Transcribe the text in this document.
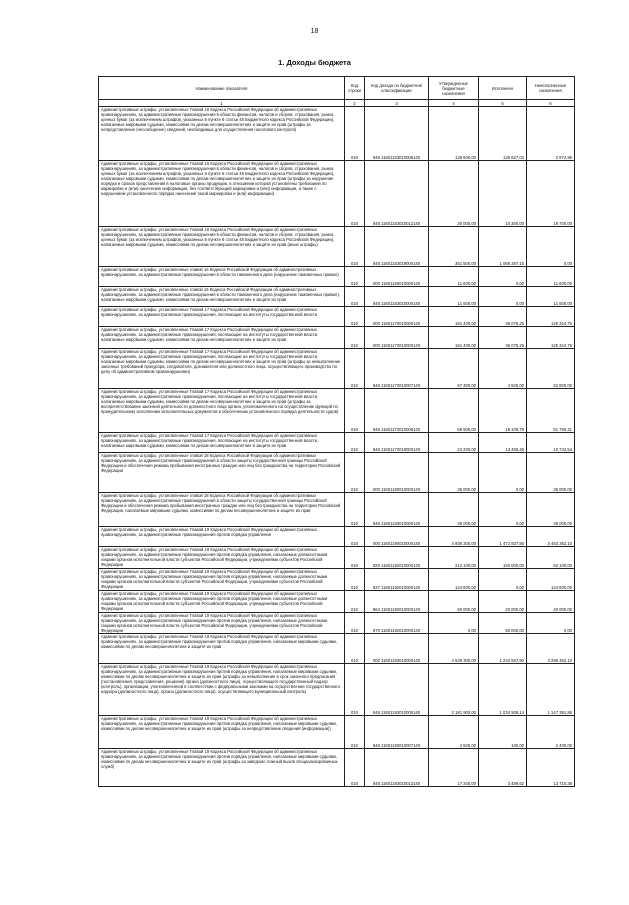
18
1. Доходы бюджета
Наименование показателя	Код строки	Код дохода по бюджетной классификации	Утвержденные бюджетные назначения	Исполнено	Неисполненные назначения
1	2	3	4	5	6
Административные штрафы, установленные Главой 15 Кодекса Российской Федерации об административных правонарушениях, за административные правонарушения в области финансов, налогов и сборов, страхования, рынка ценных бумаг (за исключением штрафов, указанных в пункте 6 статьи 46 Бюджетного кодекса Российской Федерации), налагаемые мировыми судьями, комиссиями по делам несовершеннолетних и защите их прав (штрафы за непредставление (несообщение) сведений, необходимых для осуществления налогового контроля)	010	846 11601153010006140	128 600,00	125 627,04	2 972,96
Административные штрафы, установленные Главой 15 Кодекса Российской Федерации об административных правонарушениях, за административные правонарушения в области финансов, налогов и сборов, страхования, рынка ценных бумаг (за исключением штрафов, указанных в пункте 6 статьи 46 Бюджетного кодекса Российской Федерации), налагаемые мировыми судьями, комиссиями по делам несовершеннолетних и защите их прав (штрафы за нарушение порядка и сроков представления в налоговые органы продукции, в отношении которой установлены требования по маркировке и (или) нанесению информации, без соответствующей маркировки и (или) информации, а также с нарушением установленного порядка нанесения такой маркировки и (или) информации)	010	846 11601153010012140	30 000,00	10 300,00	19 700,00
Административные штрафы, установленные Главой 15 Кодекса Российской Федерации об административных правонарушениях, за административные правонарушения в области финансов, налогов и сборов, страхования, рынка ценных бумаг (за исключением штрафов, указанных в пункте 6 статьи 46 Бюджетного кодекса Российской Федерации), налагаемые мировыми судьями, комиссиями по делам несовершеннолетних и защите их прав (иные штрафы)	010	846 11601153019000140	351 500,00	1 066 287,15	0,00
Административные штрафы, установленные главой 16 Кодекса Российской Федерации об административных правонарушениях, за административные правонарушения в области таможенного дела (нарушение таможенных правил)	010	000 11601160010000140	11 600,00	0,00	11 600,00
Административные штрафы, установленные главой 16 Кодекса Российской Федерации об административных правонарушениях, за административные правонарушения в области таможенного дела (нарушение таможенных правил), налагаемые мировыми судьями, комиссиями по делам несовершеннолетних и защите их прав	010	846 11601163010000140	11 600,00	0,00	11 600,00
Административные штрафы, установленные Главой 17 Кодекса Российской Федерации об административных правонарушениях, за административные правонарушения, посягающие на институты государственной власти	010	000 11601170010000140	161 400,00	36 075,25	125 324,75
Административные штрафы, установленные Главой 17 Кодекса Российской Федерации об административных правонарушениях, за административные правонарушения, посягающие на институты государственной власти, налагаемые мировыми судьями, комиссиями по делам несовершеннолетних и защите их прав	010	000 11601173010000140	161 400,00	36 075,25	125 324,75
Административные штрафы, установленные Главой 17 Кодекса Российской Федерации об административных правонарушениях, за административные правонарушения, посягающие на институты государственной власти, налагаемые мировыми судьями, комиссиями по делам несовершеннолетних и защите их прав (штрафы за невыполнение законных требований прокурора, следователя, дознавателя или должностного лица, осуществляющего производство по делу об административном правонарушении)	010	846 11601173010007140	67 300,00	4 500,00	62 800,00
Административные штрафы, установленные Главой 17 Кодекса Российской Федерации об административных правонарушениях, за административные правонарушения, посягающие на институты государственной власти, налагаемые мировыми судьями, комиссиями по делам несовершеннолетних и защите их прав (штрафы за воспрепятствование законной деятельности должностного лица органа, уполномоченного на осуществление функций по принудительному исполнению исполнительных документов и обеспечению установленного порядка деятельности судов)	010	846 11601173010008140	69 900,00	18 109,79	51 790,21
Административные штрафы, установленные Главой 17 Кодекса Российской Федерации об административных правонарушениях, за административные правонарушения, посягающие на институты государственной власти, налагаемые мировыми судьями, комиссиями по делам несовершеннолетних и защите их прав	010	846 11601173019000140	24 200,00	13 465,46	10 734,54
Административные штрафы, установленные главой 18 Кодекса Российской Федерации об административных правонарушениях, за административные правонарушения в области защиты государственной границы Российской Федерации и обеспечения режима пребывания иностранных граждан или лиц без гражданства на территории Российской Федерации	010	000 11601180010000140	35 000,00	0,00	35 000,00
Административные штрафы, установленные главой 18 Кодекса Российской Федерации об административных правонарушениях, за административные правонарушения в области защиты государственной границы Российской Федерации и обеспечения режима пребывания иностранных граждан или лиц без гражданства на территории Российской Федерации, налагаемые мировыми судьями, комиссиями по делам несовершеннолетних и защите их прав	010	846 11601183010000140	35 000,00	0,00	35 000,00
Административные штрафы, установленные Главой 19 Кодекса Российской Федерации об административных правонарушениях, за административные правонарушения против порядка управления	010	000 11601190010000140	4 936 200,00	1 472 837,80	3 463 362,10
Административные штрафы, установленные Главой 19 Кодекса Российской Федерации об административных правонарушениях, за административные правонарушения против порядка управления, налагаемые должностными лицами органов исполнительной власти субъектов Российской Федерации, учреждениями субъектов Российской Федерации	010	820 11601192010000140	212 100,00	150 000,00	62 100,00
Административные штрафы, установленные Главой 19 Кодекса Российской Федерации об административных правонарушениях, за административные правонарушения против порядка управления, налагаемые должностными лицами органов исполнительной власти субъектов Российской Федерации, учреждениями субъектов Российской Федерации	010	837 11601192010000140	124 800,00	0,00	124 800,00
Административные штрафы, установленные Главой 19 Кодекса Российской Федерации об административных правонарушениях, за административные правонарушения против порядка управления, налагаемые должностными лицами органов исполнительной власти субъектов Российской Федерации, учреждениями субъектов Российской Федерации	010	864 11601192010000140	60 000,00	20 000,00	40 000,00
Административные штрафы, установленные Главой 19 Кодекса Российской Федерации об административных правонарушениях, за административные правонарушения против порядка управления, налагаемые должностными лицами органов исполнительной власти субъектов Российской Федерации, учреждениями субъектов Российской Федерации	010	870 11601192010000140	0,00	60 000,00	0,00
Административные штрафы, установленные Главой 19 Кодекса Российской Федерации об административных правонарушениях, за административные правонарушения против порядка управления, налагаемые мировыми судьями, комиссиями по делам несовершеннолетних и защите их прав	010	000 11601193010000140	4 539 300,00	1 242 837,90	3 296 462,10
Административные штрафы, установленные Главой 19 Кодекса Российской Федерации об административных правонарушениях, за административные правонарушения против порядка управления, налагаемые мировыми судьями, комиссиями по делам несовершеннолетних и защите их прав (штрафы за невыполнение в срок законного предписания (постановления, представления, решения) органа (должностного лица), осуществляющего государственный надзор (контроль), организации, уполномоченной в соответствии с федеральными законами на осуществление государственного надзора (должностного лица), органа (должностного лица), осуществляющего муниципальный контроль)	010	846 11601193010005140	2 181 900,00	1 034 508,14	1 147 391,86
Административные штрафы, установленные Главой 19 Кодекса Российской Федерации об административных правонарушениях, за административные правонарушения против порядка управления, налагаемые мировыми судьями, комиссиями по делам несовершеннолетних и защите их прав (штрафы за непредставление сведений (информации))	010	846 11601193010007140	2 500,00	100,00	2 400,00
Административные штрафы, установленные Главой 19 Кодекса Российской Федерации об административных правонарушениях, за административные правонарушения против порядка управления, налагаемые мировыми судьями, комиссиями по делам несовершеннолетних и защите их прав (штрафы за заведомо ложный вызов специализированных служб)	010	846 11601193010013140	17 200,00	3 489,62	13 710,38
